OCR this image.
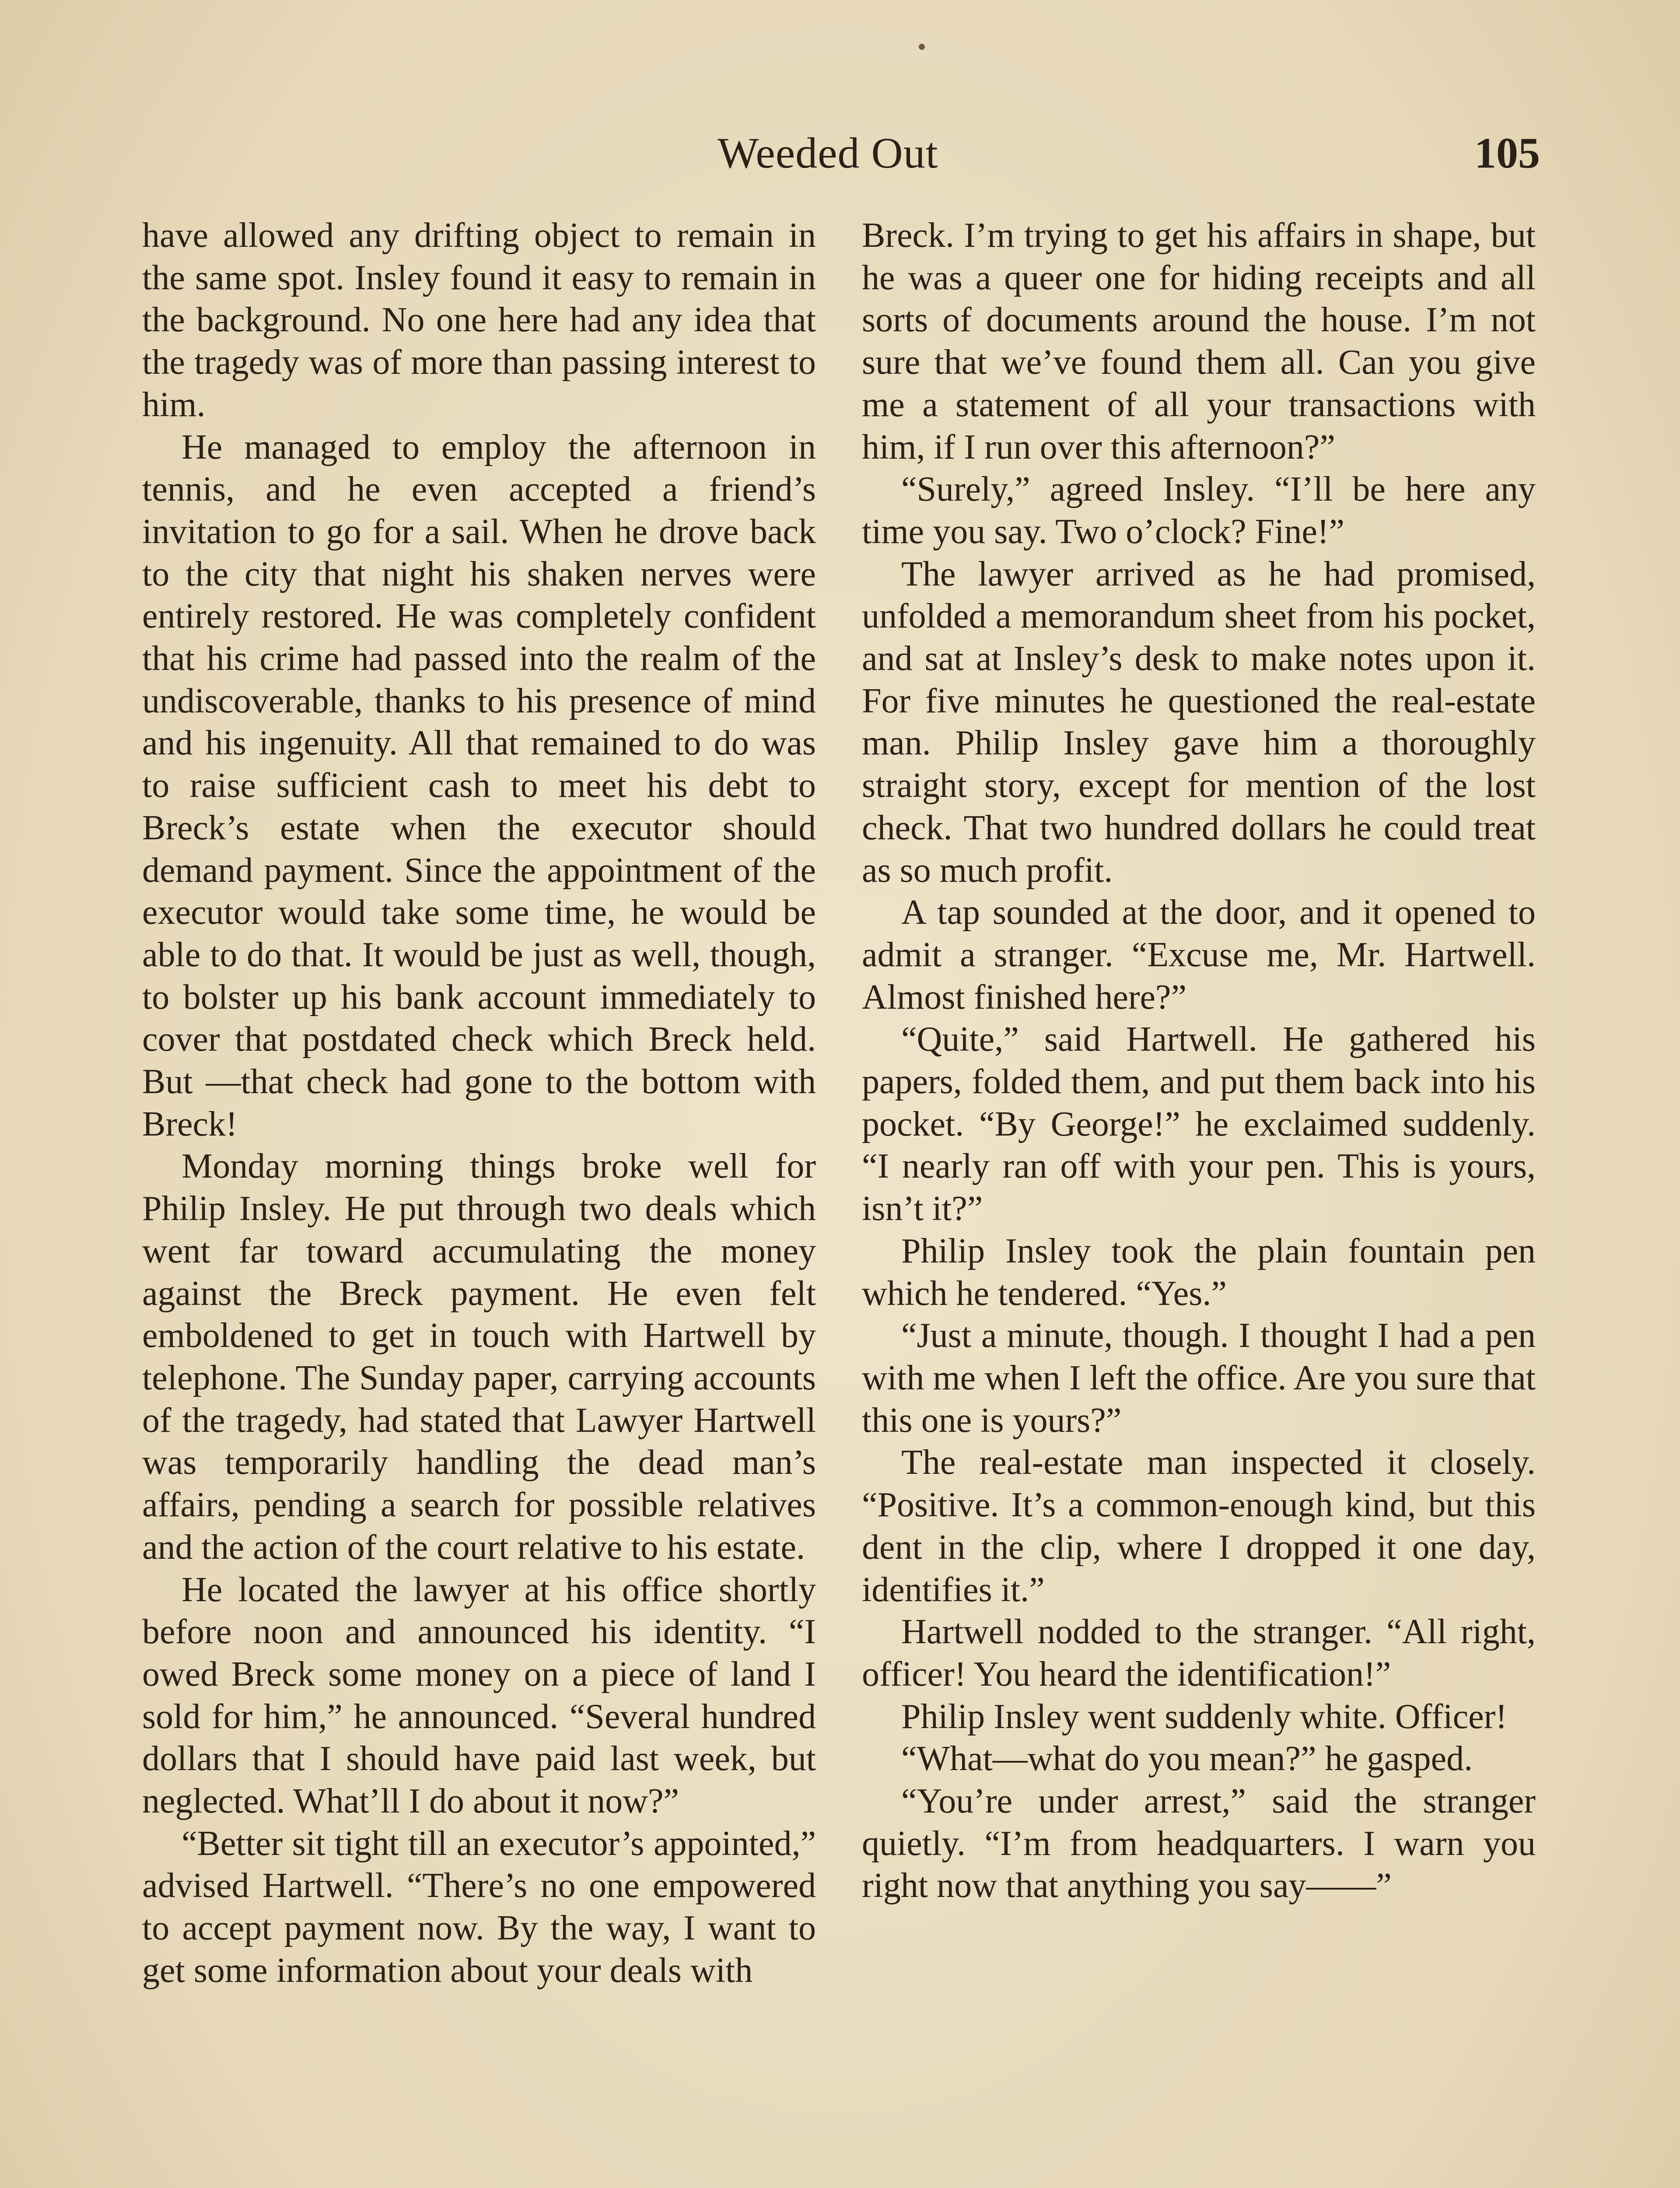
Weeded Out	105

have allowed any drifting object to remain in the same spot. Insley found it easy to remain in the background. No one here had any idea that the tragedy was of more than passing interest to him.

He managed to employ the afternoon in tennis, and he even accepted a friend’s invitation to go for a sail. When he drove back to the city that night his shaken nerves were entirely restored. He was completely confident that his crime had passed into the realm of the undiscoverable, thanks to his presence of mind and his ingenuity. All that remained to do was to raise sufficient cash to meet his debt to Breck’s estate when the executor should demand payment. Since the appointment of the executor would take some time, he would be able to do that. It would be just as well, though, to bolster up his bank account immediately to cover that postdated check which Breck held. But —that check had gone to the bottom with Breck!

Monday morning things broke well for Philip Insley. He put through two deals which went far toward accumulating the money against the Breck payment. He even felt emboldened to get in touch with Hartwell by telephone. The Sunday paper, carrying accounts of the tragedy, had stated that Lawyer Hartwell was temporarily handling the dead man’s affairs, pending a search for possible relatives and the action of the court relative to his estate.

He located the lawyer at his office shortly before noon and announced his identity. “I owed Breck some money on a piece of land I sold for him,” he announced. “Several hundred dollars that I should have paid last week, but neglected. What’ll I do about it now?”

“Better sit tight till an executor’s appointed,” advised Hartwell. “There’s no one empowered to accept payment now. By the way, I want to get some information about your deals with

Breck. I’m trying to get his affairs in shape, but he was a queer one for hiding receipts and all sorts of documents around the house. I’m not sure that we’ve found them all. Can you give me a statement of all your transactions with him, if I run over this afternoon?”

“Surely,” agreed Insley. “I’ll be here any time you say. Two o’clock? Fine!”

The lawyer arrived as he had promised, unfolded a memorandum sheet from his pocket, and sat at Insley’s desk to make notes upon it. For five minutes he questioned the real-estate man. Philip Insley gave him a thoroughly straight story, except for mention of the lost check. That two hundred dollars he could treat as so much profit.

A tap sounded at the door, and it opened to admit a stranger. “Excuse me, Mr. Hartwell. Almost finished here?”

“Quite,” said Hartwell. He gathered his papers, folded them, and put them back into his pocket. “By George!” he exclaimed suddenly. “I nearly ran off with your pen. This is yours, isn’t it?”

Philip Insley took the plain fountain pen which he tendered. “Yes.”

“Just a minute, though. I thought I had a pen with me when I left the office. Are you sure that this one is yours?”

The real-estate man inspected it closely. “Positive. It’s a common-enough kind, but this dent in the clip, where I dropped it one day, identifies it.”

Hartwell nodded to the stranger. “All right, officer! You heard the identification!”

Philip Insley went suddenly white. Officer!

“What—what do you mean?” he gasped.

“You’re under arrest,” said the stranger quietly. “I’m from headquarters. I warn you right now that anything you say——”
